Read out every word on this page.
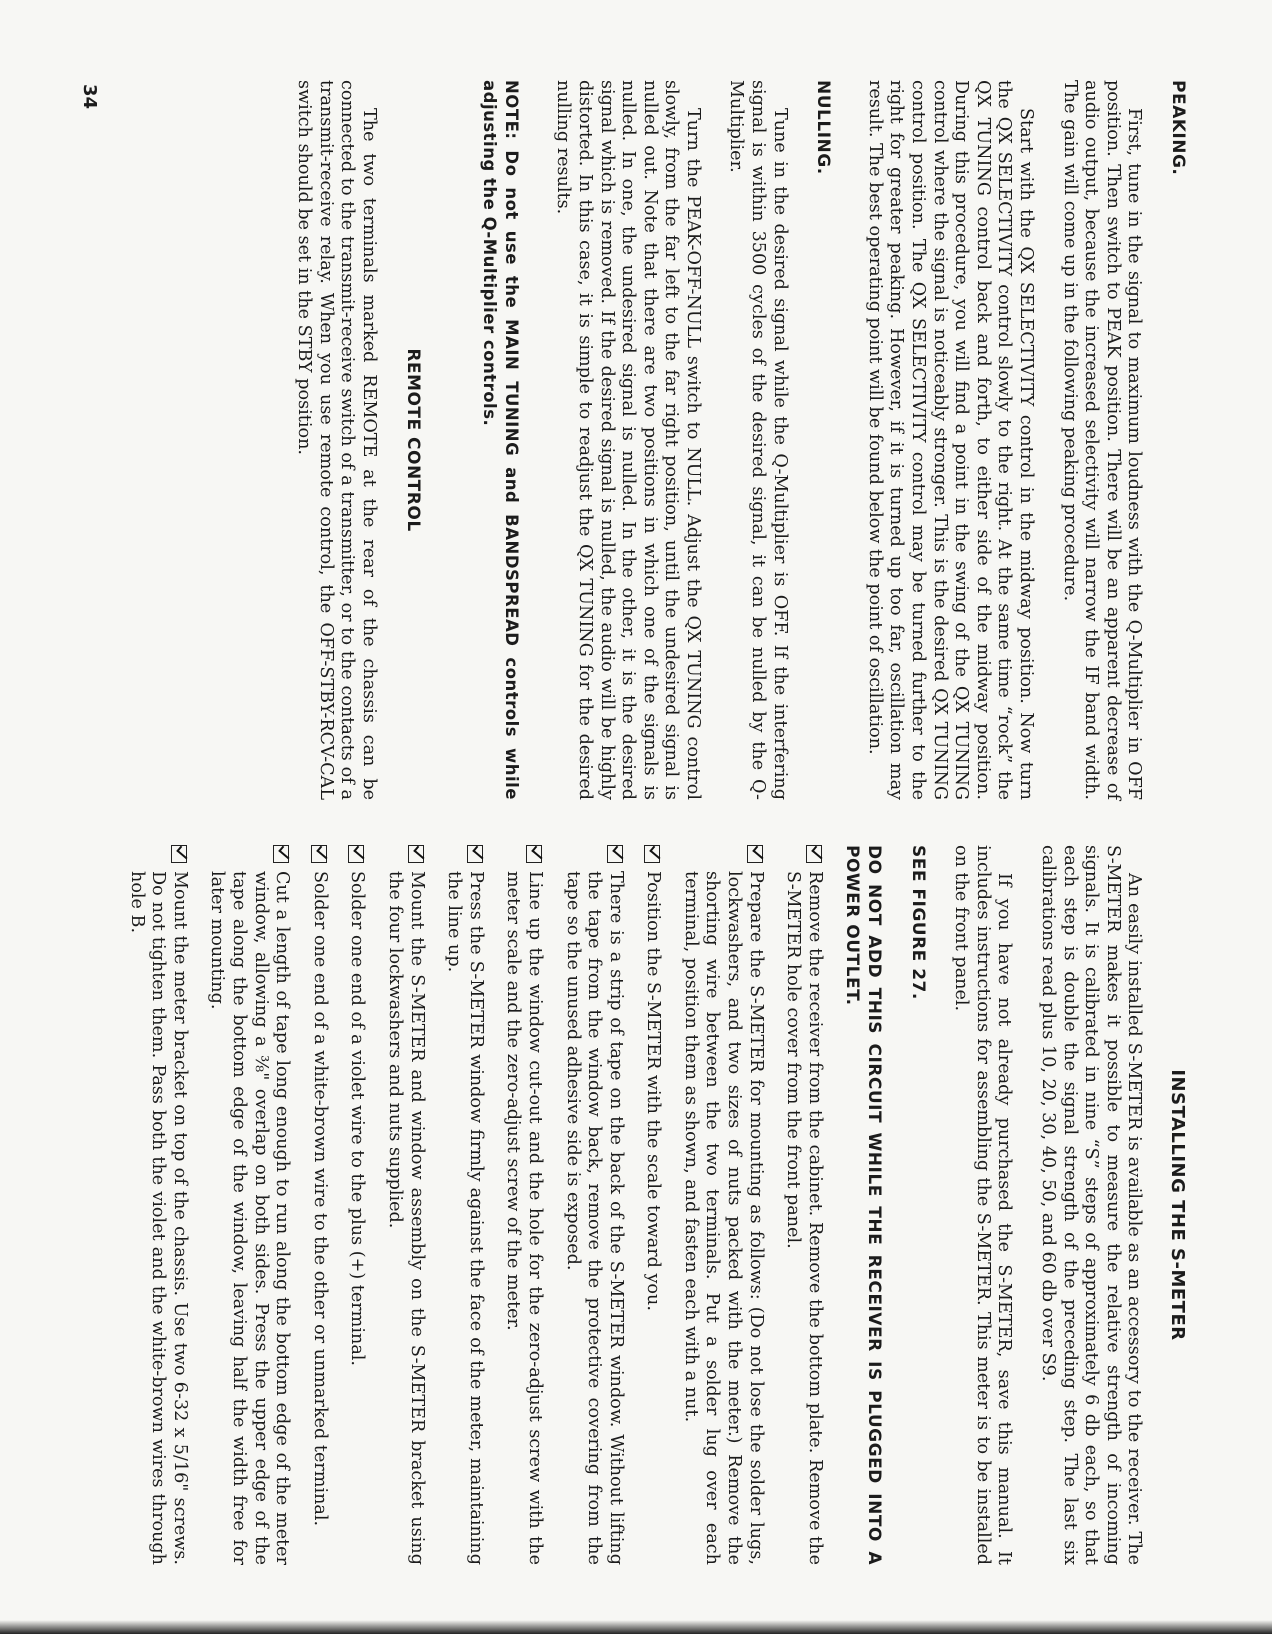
PEAKING.

First, tune in the signal to maximum loudness with the Q-Multiplier in OFF position. Then switch to PEAK position. There will be an apparent decrease of audio output, because the increased selectivity will narrow the IF band width. The gain will come up in the following peaking procedure.

Start with the QX SELECTIVITY control in the midway position. Now turn the QX SELECTIVITY control slowly to the right. At the same time “rock” the QX TUNING control back and forth, to either side of the midway position. During this procedure, you will find a point in the swing of the QX TUNING control where the signal is noticeably stronger. This is the desired QX TUNING control position. The QX SELECTIVITY control may be turned further to the right for greater peaking. However, if it is turned up too far, oscillation may result. The best operating point will be found below the point of oscillation.

NULLING.

Tune in the desired signal while the Q-Multiplier is OFF. If the interfering signal is within 3500 cycles of the desired signal, it can be nulled by the Q-Multiplier.

Turn the PEAK-OFF-NULL switch to NULL. Adjust the QX TUNING control slowly, from the far left to the far right position, until the undesired signal is nulled out. Note that there are two positions in which one of the signals is nulled. In one, the undesired signal is nulled. In the other, it is the desired signal which is removed. If the desired signal is nulled, the audio will be highly distorted. In this case, it is simple to readjust the QX TUNING for the desired nulling results.

NOTE: Do not use the MAIN TUNING and BANDSPREAD controls while adjusting the Q-Multiplier controls.

REMOTE CONTROL

The two terminals marked REMOTE at the rear of the chassis can be connected to the transmit-receive switch of a transmitter, or to the contacts of a transmit-receive relay. When you use remote control, the OFF-STBY-RCV-CAL switch should be set in the STBY position.

INSTALLING THE S-METER

An easily installed S-METER is available as an accessory to the receiver. The S-METER makes it possible to measure the relative strength of incoming signals. It is calibrated in nine “S” steps of approximately 6 db each, so that each step is double the signal strength of the preceding step. The last six calibrations read plus 10, 20, 30, 40, 50, and 60 db over S9.

If you have not already purchased the S-METER, save this manual. It includes instructions for assembling the S-METER. This meter is to be installed on the front panel.

SEE FIGURE 27.

DO NOT ADD THIS CIRCUIT WHILE THE RECEIVER IS PLUGGED INTO A POWER OUTLET.

Remove the receiver from the cabinet. Remove the bottom plate. Remove the S-METER hole cover from the front panel.
Prepare the S-METER for mounting as follows: (Do not lose the solder lugs, lockwashers, and two sizes of nuts packed with the meter.) Remove the shorting wire between the two terminals. Put a solder lug over each terminal, position them as shown, and fasten each with a nut.
Position the S-METER with the scale toward you.
There is a strip of tape on the back of the S-METER window. Without lifting the tape from the window back, remove the protective covering from the tape so the unused adhesive side is exposed.
Line up the window cut-out and the hole for the zero-adjust screw with the meter scale and the zero-adjust screw of the meter.
Press the S-METER window firmly against the face of the meter, maintaining the line up.
Mount the S-METER and window assembly on the S-METER bracket using the four lockwashers and nuts supplied.
Solder one end of a violet wire to the plus (+) terminal.
Solder one end of a white-brown wire to the other or unmarked terminal.
Cut a length of tape long enough to run along the bottom edge of the meter window, allowing a ⅜" overlap on both sides. Press the upper edge of the tape along the bottom edge of the window, leaving half the width free for later mounting.
Mount the meter bracket on top of the chassis. Use two 6-32 x 5/16" screws. Do not tighten them. Pass both the violet and the white-brown wires through hole B.
34
